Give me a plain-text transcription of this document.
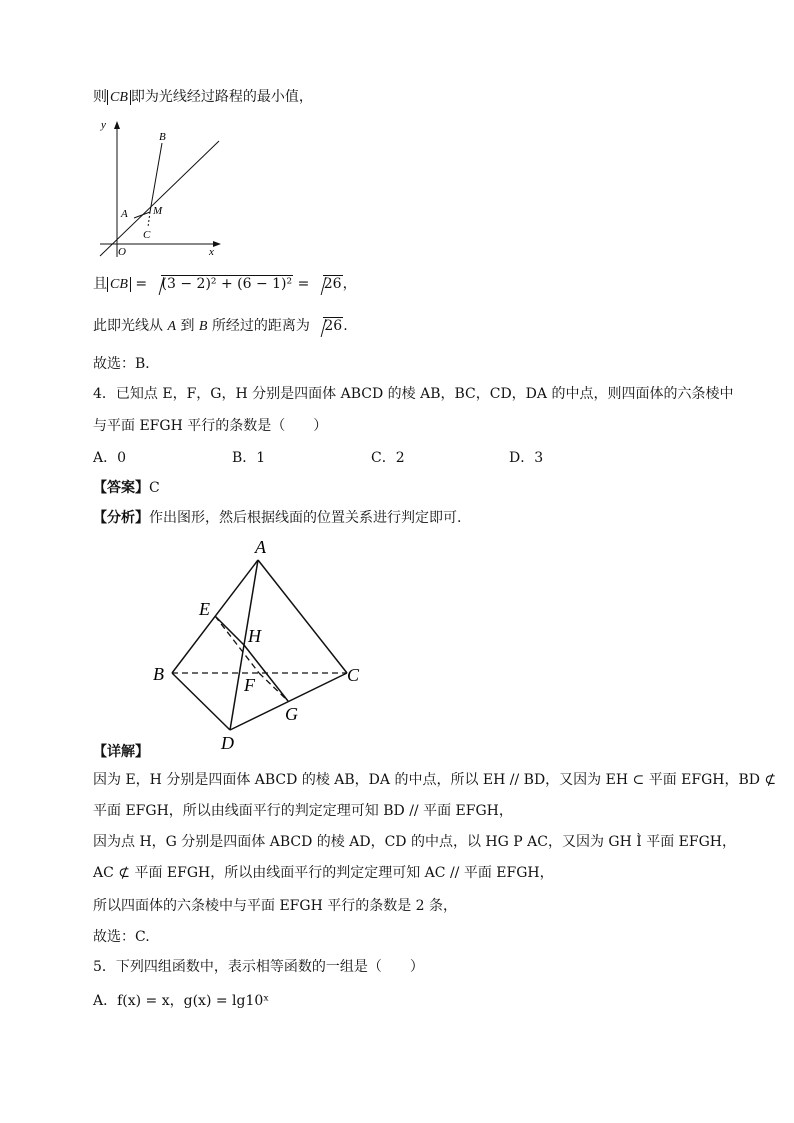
则 CB 即为光线经过路程的最小值，
y
x
B
A M
C
O
且 CB = (3 − 2)² + (6 − 1)² = 26，
此即光线从 A 到 B 所经过的距离为 26.
故选：B．
4．已知点 E，F，G，H 分别是四面体 ABCD 的棱 AB，BC，CD，DA 的中点，则四面体的六条棱中
与平面 EFGH 平行的条数是（　　）
A．0	B．1	C．2	D．3
【答案】C
【分析】作出图形，然后根据线面的位置关系进行判定即可.
A
E
H
B	C
F
G
D
【详解】
因为 E，H 分别是四面体 ABCD 的棱 AB，DA 的中点，所以 EH // BD，又因为 EH ⊂ 平面 EFGH，BD ⊄
平面 EFGH，所以由线面平行的判定定理可知 BD // 平面 EFGH，
因为点 H，G 分别是四面体 ABCD 的棱 AD，CD 的中点，以 HG P AC，又因为 GH Ì 平面 EFGH，
AC ⊄ 平面 EFGH，所以由线面平行的判定定理可知 AC // 平面 EFGH，
所以四面体的六条棱中与平面 EFGH 平行的条数是 2 条，
故选：C.
5．下列四组函数中，表示相等函数的一组是（　　）
A．f(x) = x，g(x) = lg10ˣ
